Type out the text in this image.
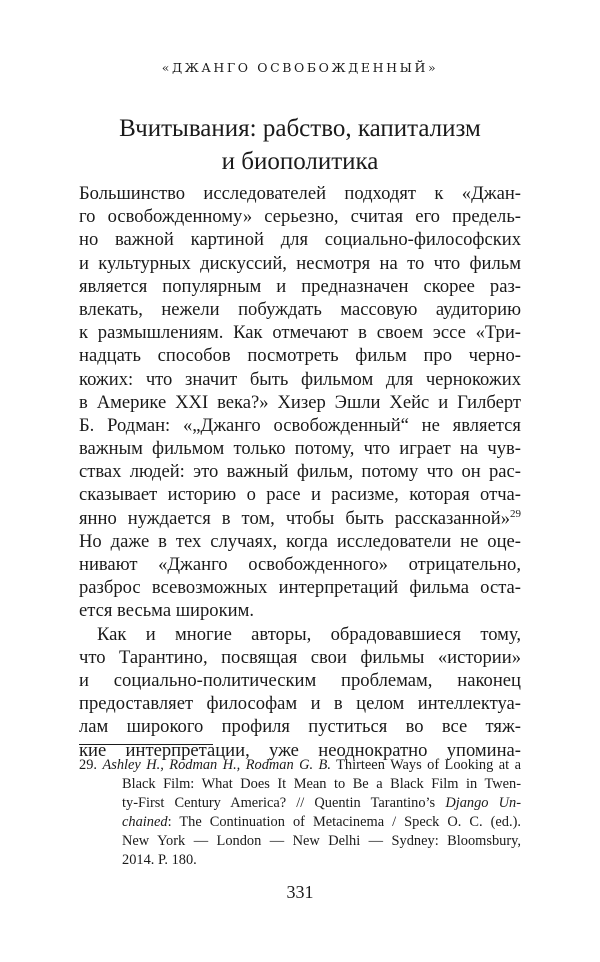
«ДЖАНГО ОСВОБОЖДЕННЫЙ»
Вчитывания: рабство, капитализм
и биополитика
Большинство исследователей подходят к «Джан-
го освобожденному» серьезно, считая его предель-
но важной картиной для социально-философских
и культурных дискуссий, несмотря на то что фильм
является популярным и предназначен скорее раз-
влекать, нежели побуждать массовую аудиторию
к размышлениям. Как отмечают в своем эссе «Три-
надцать способов посмотреть фильм про черно-
кожих: что значит быть фильмом для чернокожих
в Америке XXI века?» Хизер Эшли Хейс и Гилберт
Б. Родман: «„Джанго освобожденный“ не является
важным фильмом только потому, что играет на чув-
ствах людей: это важный фильм, потому что он рас-
сказывает историю о расе и расизме, которая отча-
янно нуждается в том, чтобы быть рассказанной»$^{29}$
Но даже в тех случаях, когда исследователи не оце-
нивают «Джанго освобожденного» отрицательно,
разброс всевозможных интерпретаций фильма оста-
ется весьма широким.
Как и многие авторы, обрадовавшиеся тому,
что Тарантино, посвящая свои фильмы «истории»
и социально-политическим проблемам, наконец
предоставляет философам и в целом интеллектуа-
лам широкого профиля пуститься во все тяж-
кие интерпретации, уже неоднократно упомина-
29. Ashley H., Rodman H., Rodman G. B. Thirteen Ways of Looking at a
Black Film: What Does It Mean to Be a Black Film in Twen-
ty-First Century America? // Quentin Tarantino’s Django Un-
chained: The Continuation of Metacinema / Speck O. C. (ed.).
New York — London — New Delhi — Sydney: Bloomsbury,
2014. P. 180.
331
